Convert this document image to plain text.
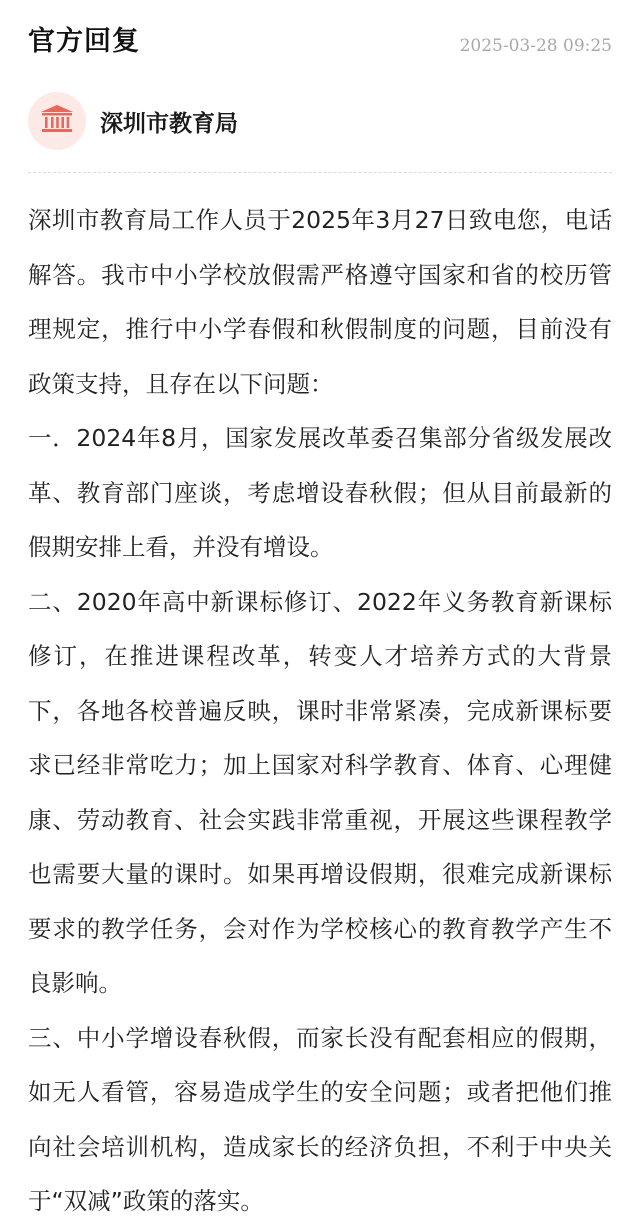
官方回复	2025-03-28 09:25
深圳市教育局

深圳市教育局工作人员于2025年3月27日致电您，电话解答。我市中小学校放假需严格遵守国家和省的校历管理规定，推行中小学春假和秋假制度的问题，目前没有政策支持，且存在以下问题：

一．2024年8月，国家发展改革委召集部分省级发展改革、教育部门座谈，考虑增设春秋假；但从目前最新的假期安排上看，并没有增设。

二、2020年高中新课标修订、2022年义务教育新课标修订，在推进课程改革，转变人才培养方式的大背景下，各地各校普遍反映，课时非常紧凑，完成新课标要求已经非常吃力；加上国家对科学教育、体育、心理健康、劳动教育、社会实践非常重视，开展这些课程教学也需要大量的课时。如果再增设假期，很难完成新课标要求的教学任务，会对作为学校核心的教育教学产生不良影响。

三、中小学增设春秋假，而家长没有配套相应的假期，如无人看管，容易造成学生的安全问题；或者把他们推向社会培训机构，造成家长的经济负担，不利于中央关于“双减”政策的落实。
